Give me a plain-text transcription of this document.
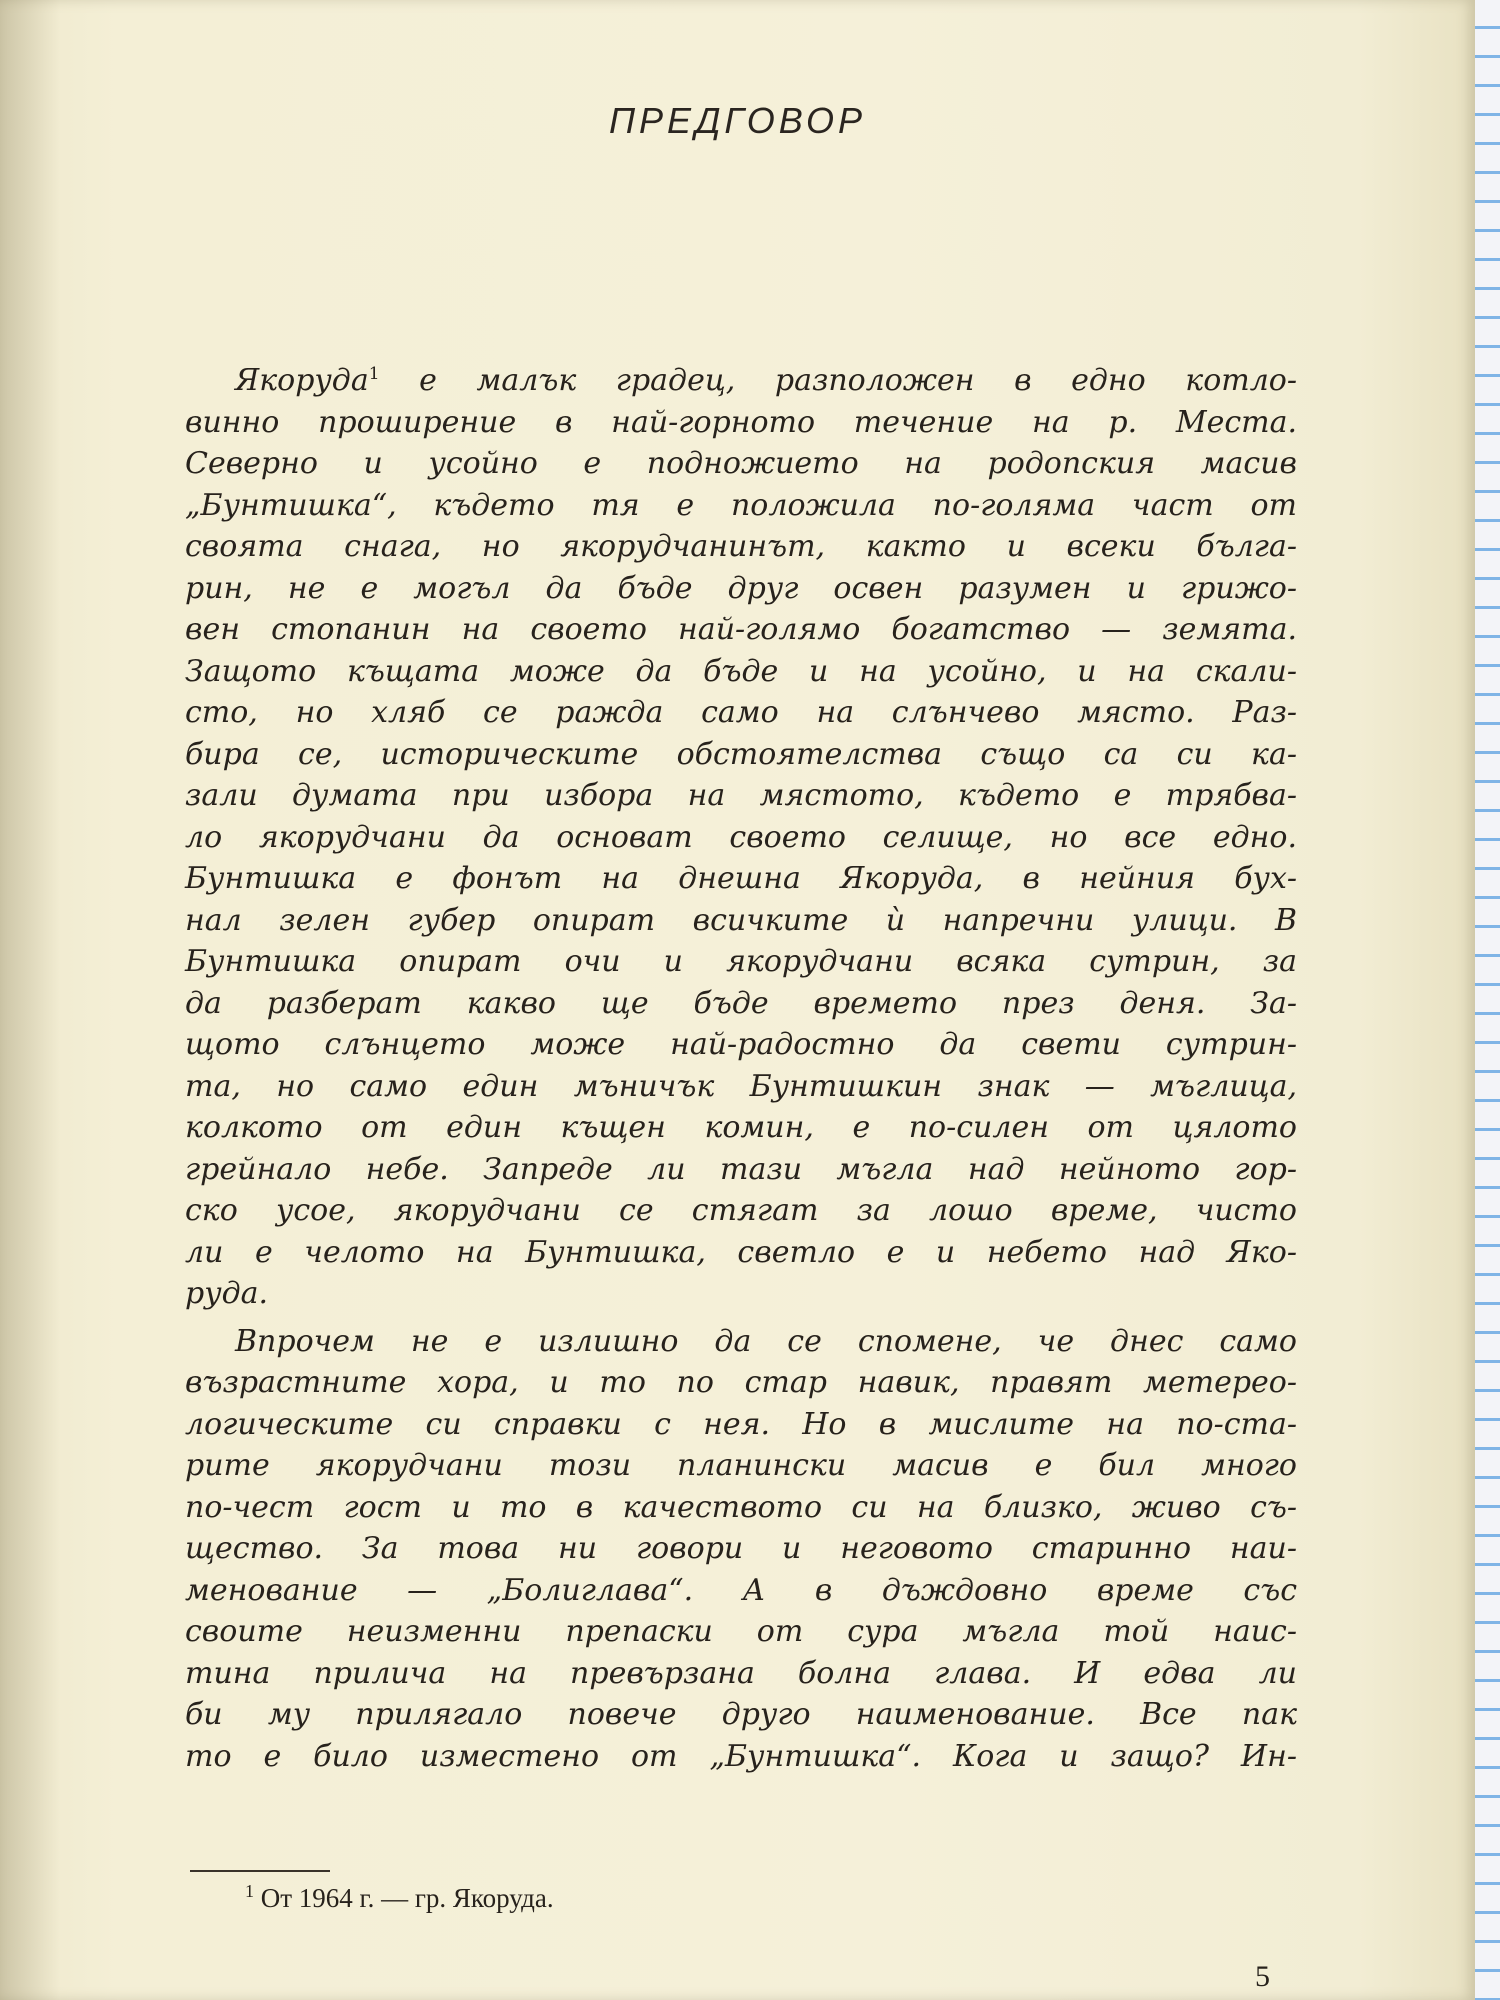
ПРЕДГОВОР
Якоруда$^1$ е малък градец, разположен в едно котло-
винно проширение в най-горното течение на р. Места.
Северно и усойно е подножието на родопския масив
„Бунтишка“, където тя е положила по-голяма част от
своята снага, но якорудчанинът, както и всеки бълга-
рин, не е могъл да бъде друг освен разумен и грижо-
вен стопанин на своето най-голямо богатство — земята.
Защото къщата може да бъде и на усойно, и на скали-
сто, но хляб се ражда само на слънчево място. Раз-
бира се, историческите обстоятелства също са си ка-
зали думата при избора на мястото, където е трябва-
ло якорудчани да основат своето селище, но все едно.
Бунтишка е фонът на днешна Якоруда, в нейния бух-
нал зелен губер опират всичките ѝ напречни улици. В
Бунтишка опират очи и якорудчани всяка сутрин, за
да разберат какво ще бъде времето през деня. За-
щото слънцето може най-радостно да свети сутрин-
та, но само един мъничък Бунтишкин знак — мъглица,
колкото от един къщен комин, е по-силен от цялото
грейнало небе. Запреде ли тази мъгла над нейното гор-
ско усое, якорудчани се стягат за лошо време, чисто
ли е челото на Бунтишка, светло е и небето над Яко-
руда.
Впрочем не е излишно да се спомене, че днес само
възрастните хора, и то по стар навик, правят метерео-
логическите си справки с нея. Но в мислите на по-ста-
рите якорудчани този планински масив е бил много
по-чест гост и то в качеството си на близко, живо съ-
щество. За това ни говори и неговото старинно наи-
менование — „Болиглава“. А в дъждовно време със
своите неизменни препаски от сура мъгла той наис-
тина прилича на превързана болна глава. И едва ли
би му прилягало повече друго наименование. Все пак
то е било изместено от „Бунтишка“. Кога и защо? Ин-
$^1$ От 1964 г. — гр. Якоруда.
5
